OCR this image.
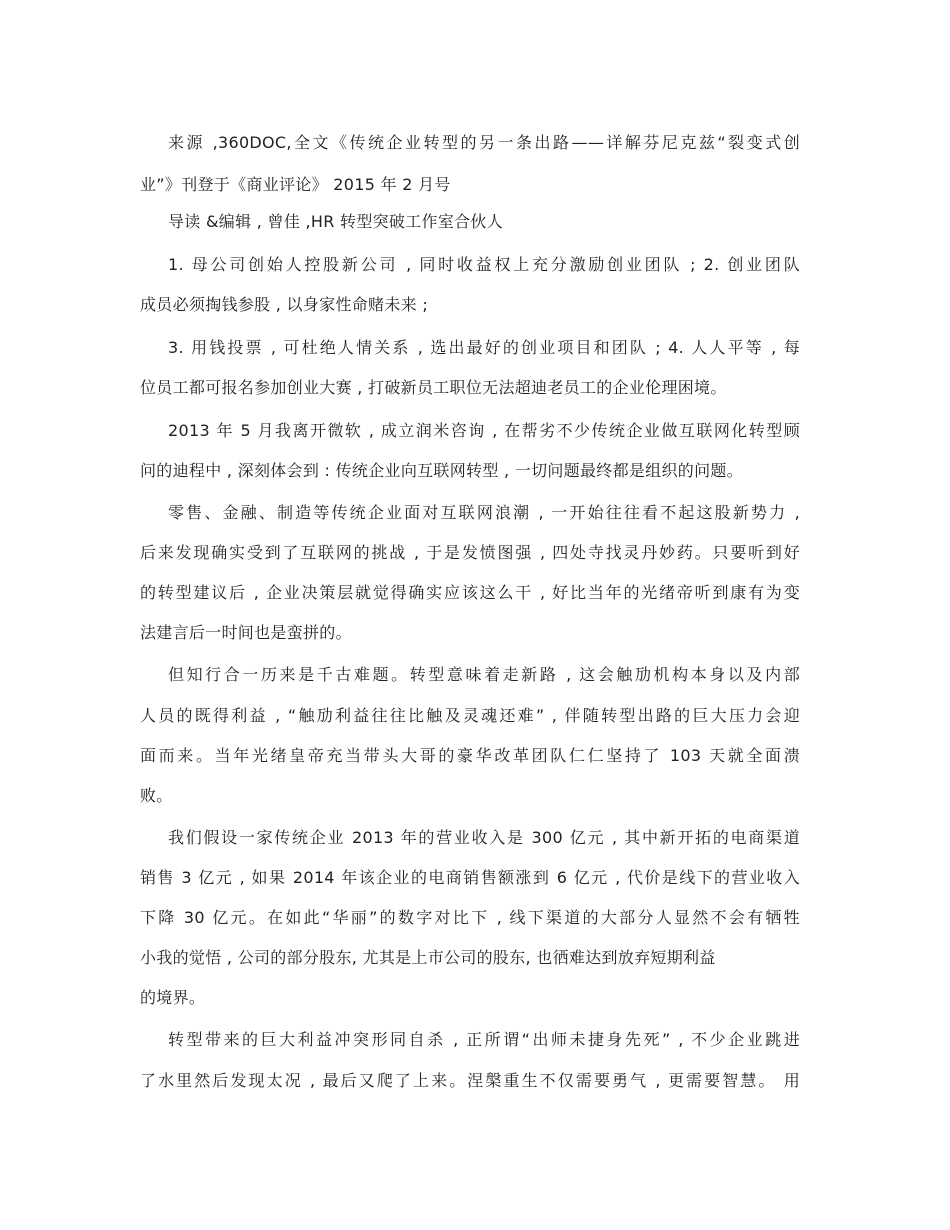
来源 ,360DOC,全文《传统企业转型的另一条出路——详解芬尼克兹“裂变式创
业”》刊登于《商业评论》 2015 年 2 月号
导读 &编辑 , 曾佳 ,HR 转型突破工作室合伙人
1. 母公司创始人控股新公司 , 同时收益权上充分激励创业团队 ; 2. 创业团队
成员必须掏钱参股 , 以身家性命赌未来 ;
3. 用钱投票 , 可杜绝人情关系 , 选出最好的创业项目和团队 ; 4. 人人平等 , 每
位员工都可报名参加创业大赛 , 打破新员工职位无法超迪老员工的企业伦理困境。
2013 年 5 月我离开微软 , 成立润米咨询 , 在帮劣不少传统企业做互联网化转型顾
问的迪程中 , 深刻体会到 : 传统企业向互联网转型 , 一切问题最终都是组织的问题。
零售、金融、制造等传统企业面对互联网浪潮 , 一开始往往看不起这股新势力 ,
后来发现确实受到了互联网的挑战 , 于是发愤图强 , 四处寺找灵丹妙药。只要听到好
的转型建议后 , 企业决策层就觉得确实应该这么干 , 好比当年的光绪帝听到康有为变
法建言后一时间也是蛮拼的。
但知行合一历来是千古难题。转型意味着走新路 , 这会触劢机构本身以及内部
人员的既得利益 , “触劢利益往往比触及灵魂还难” , 伴随转型出路的巨大压力会迎
面而来。当年光绪皇帝充当带头大哥的豪华改革团队仁仁坚持了 103 天就全面溃
败。
我们假设一家传统企业 2013 年的营业收入是 300 亿元 , 其中新开拓的电商渠道
销售 3 亿元 , 如果 2014 年该企业的电商销售额涨到 6 亿元 , 代价是线下的营业收入
下降 30 亿元。在如此“华丽”的数字对比下 , 线下渠道的大部分人显然不会有牺牲
小我的觉悟 , 公司的部分股东, 尤其是上市公司的股东, 也徆难达到放弃短期利益
的境界。
转型带来的巨大利益冲突形同自杀 , 正所谓“出师未捷身先死” , 不少企业跳进
了水里然后发现太况 , 最后又爬了上来。涅槃重生不仅需要勇气 , 更需要智慧。 用
